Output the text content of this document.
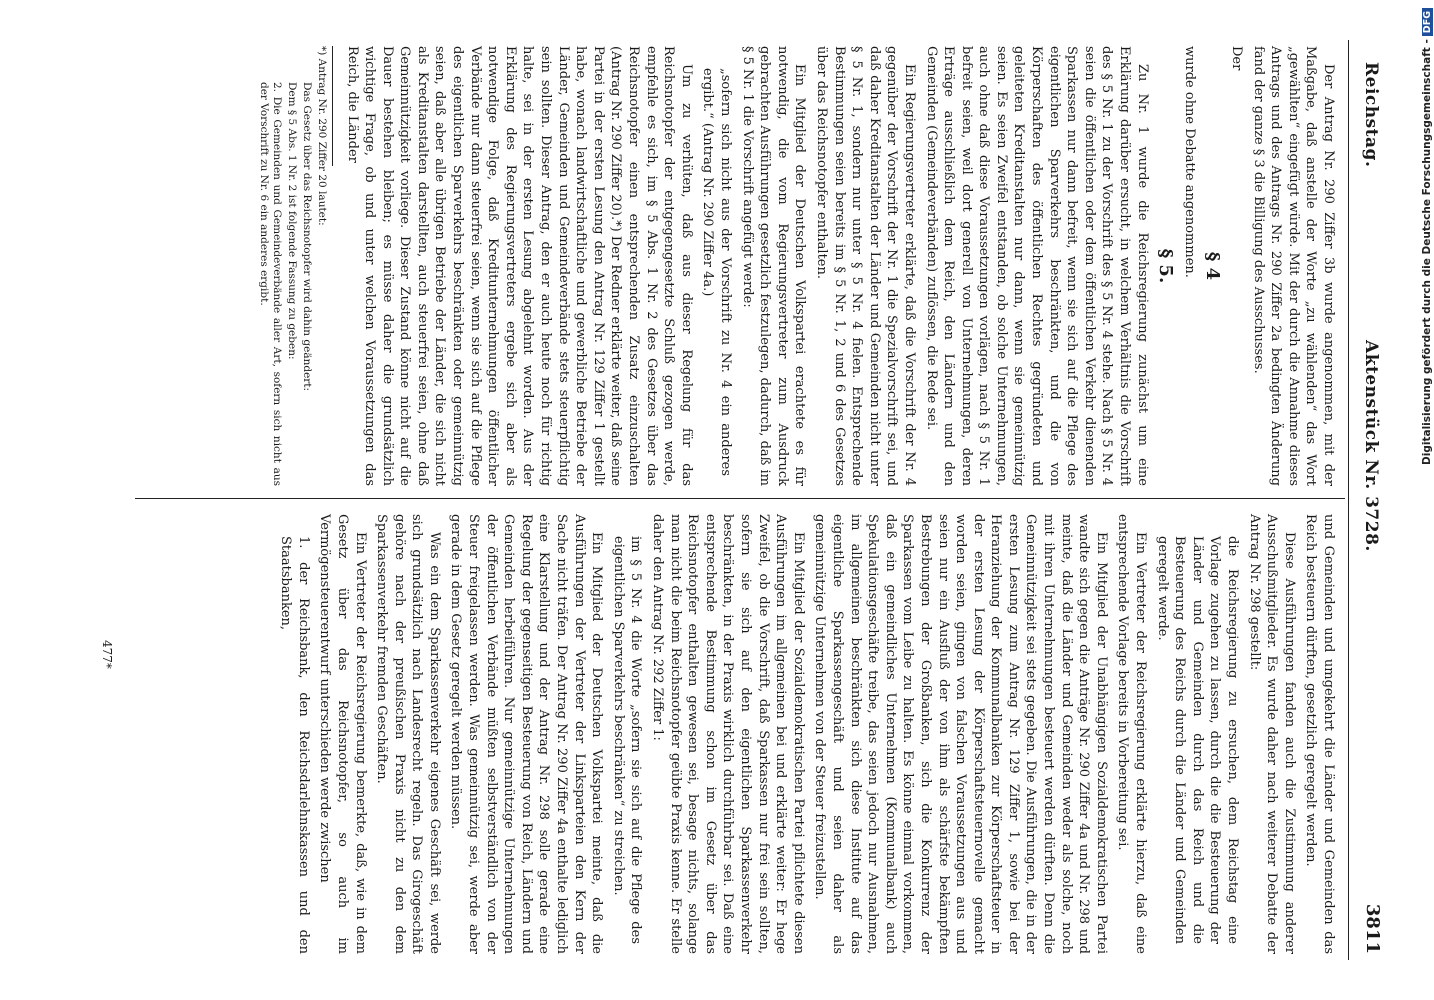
Reichstag.
Aktenstück Nr. 3728.
3811

Der Antrag Nr. 290 Ziffer 3b wurde angenommen, mit der Maßgabe, daß anstelle der Worte „zu wählenden“ das Wort „gewählten“ eingefügt würde. Mit der durch die Annahme dieses Antrags und des Antrags Nr. 290 Ziffer 2a bedingten Änderung fand der ganze § 3 die Billigung des Ausschusses.

Der

§ 4

wurde ohne Debatte angenommen.

§ 5.

Zu Nr. 1 wurde die Reichsregierung zunächst um eine Erklärung darüber ersucht, in welchem Verhältnis die Vorschrift des § 5 Nr. 1 zu der Vorschrift des § 5 Nr. 4 stehe. Nach § 5 Nr. 4 seien die öffentlichen oder dem öffentlichen Verkehr dienenden Sparkassen nur dann befreit, wenn sie sich auf die Pflege des eigentlichen Sparverkehrs beschränkten, und die von Körperschaften des öffentlichen Rechtes gegründeten und geleiteten Kreditanstalten nur dann, wenn sie gemeinnützig seien. Es seien Zweifel entstanden, ob solche Unternehmungen, auch ohne daß diese Voraussetzungen vorlägen, nach § 5 Nr. 1 befreit seien, weil dort generell von Unternehmungen, deren Erträge ausschließlich dem Reich, den Ländern und den Gemeinden (Gemeindeverbänden) zuflössen, die Rede sei.

Ein Regierungsvertreter erklärte, daß die Vorschrift der Nr. 4 gegenüber der Vorschrift der Nr. 1 die Spezialvorschrift sei, und daß daher Kreditanstalten der Länder und Gemeinden nicht unter § 5 Nr. 1, sondern nur unter § 5 Nr. 4 fielen. Entsprechende Bestimmungen seien bereits im § 5 Nr. 1, 2 und 6 des Gesetzes über das Reichsnotopfer enthalten.

Ein Mitglied der Deutschen Volkspartei erachtete es für notwendig, die vom Regierungsvertreter zum Ausdruck gebrachten Ausführungen gesetzlich festzulegen, dadurch, daß im § 5 Nr. 1 die Vorschrift angefügt werde:

„sofern sich nicht aus der Vorschrift zu Nr. 4 ein anderes ergibt.“ (Antrag Nr. 290 Ziffer 4a.)

Um zu verhüten, daß aus dieser Regelung für das Reichsnotopfer der entgegengesetzte Schluß gezogen werde, empfehle es sich, im § 5 Abs. 1 Nr. 2 des Gesetzes über das Reichsnotopfer einen entsprechenden Zusatz einzuschalten (Antrag Nr. 290 Ziffer 20).*) Der Redner erklärte weiter, daß seine Partei in der ersten Lesung den Antrag Nr. 129 Ziffer 1 gestellt habe, wonach landwirtschaftliche und gewerbliche Betriebe der Länder, Gemeinden und Gemeindeverbände stets steuerpflichtig sein sollten. Dieser Antrag, den er auch heute noch für richtig halte, sei in der ersten Lesung abgelehnt worden. Aus der Erklärung des Regierungsvertreters ergebe sich aber als notwendige Folge, daß Kreditunternehmungen öffentlicher Verbände nur dann steuerfrei seien, wenn sie sich auf die Pflege des eigentlichen Sparverkehrs beschränkten oder gemeinnützig seien, daß aber alle übrigen Betriebe der Länder, die sich nicht als Kreditanstalten darstellten, auch steuerfrei seien, ohne daß Gemeinnützigkeit vorliege. Dieser Zustand könne nicht auf die Dauer bestehen bleiben; es müsse daher die grundsätzlich wichtige Frage, ob und unter welchen Voraussetzungen das Reich, die Länder

*) Antrag Nr. 290 Ziffer 20 lautet:

Das Gesetz über das Reichsnotopfer wird dahin geändert:

Dem § 5 Abs. 1 Nr. 2 ist folgende Fassung zu geben:

2. Die Gemeinden und Gemeindeverbände aller Art, sofern sich nicht aus der Vorschrift zu Nr. 6 ein anderes ergibt.

und Gemeinden und umgekehrt die Länder und Gemeinden das Reich besteuern dürften, gesetzlich geregelt werden.

Diese Ausführungen fanden auch die Zustimmung anderer Ausschußmitglieder. Es wurde daher nach weiterer Debatte der Antrag Nr. 298 gestellt:

die Reichsregierung zu ersuchen, dem Reichstag eine Vorlage zugehen zu lassen, durch die die Besteuerung der Länder und Gemeinden durch das Reich und die Besteuerung des Reichs durch die Länder und Gemeinden geregelt werde.

Ein Vertreter der Reichsregierung erklärte hierzu, daß eine entsprechende Vorlage bereits in Vorbereitung sei.

Ein Mitglied der Unabhängigen Sozialdemokratischen Partei wandte sich gegen die Anträge Nr. 290 Ziffer 4a und Nr. 298 und meinte, daß die Länder und Gemeinden weder als solche, noch mit ihren Unternehmungen besteuert werden dürften. Denn die Gemeinnützigkeit sei stets gegeben. Die Ausführungen, die in der ersten Lesung zum Antrag Nr. 129 Ziffer 1, sowie bei der Heranziehung der Kommunalbanken zur Körperschaftsteuer in der ersten Lesung der Körperschaftsteuernovelle gemacht worden seien, gingen von falschen Voraussetzungen aus und seien nur ein Ausfluß der von ihm als schärfste bekämpften Bestrebungen der Großbanken, sich die Konkurrenz der Sparkassen vom Leibe zu halten. Es könne einmal vorkommen, daß ein gemeindliches Unternehmen (Kommunalbank) auch Spekulationsgeschäfte treibe, das seien jedoch nur Ausnahmen, im allgemeinen beschränkten sich diese Institute auf das eigentliche Sparkassengeschäft und seien daher als gemeinnützige Unternehmen von der Steuer freizustellen.

Ein Mitglied der Sozialdemokratischen Partei pflichtete diesen Ausführungen im allgemeinen bei und erklärte weiter: Er hege Zweifel, ob die Vorschrift, daß Sparkassen nur frei sein sollten, sofern sie sich auf den eigentlichen Sparkassenverkehr beschränkten, in der Praxis wirklich durchführbar sei. Daß eine entsprechende Bestimmung schon im Gesetz über das Reichsnotopfer enthalten gewesen sei, besage nichts, solange man nicht die beim Reichsnotopfer geübte Praxis kenne. Er stelle daher den Antrag Nr. 292 Ziffer 1:

im § 5 Nr. 4 die Worte „sofern sie sich auf die Pflege des eigentlichen Sparverkehrs beschränken“ zu streichen.

Ein Mitglied der Deutschen Volkspartei meinte, daß die Ausführungen der Vertreter der Linksparteien den Kern der Sache nicht träfen. Der Antrag Nr. 290 Ziffer 4a enthalte lediglich eine Klarstellung und der Antrag Nr. 298 solle gerade eine Regelung der gegenseitigen Besteuerung von Reich, Ländern und Gemeinden herbeiführen. Nur gemeinnützige Unternehmungen der öffentlichen Verbände müßten selbstverständlich von der Steuer freigelassen werden. Was gemeinnützig sei, werde aber gerade in dem Gesetz geregelt werden müssen.

Was ein dem Sparkassenverkehr eigenes Geschäft sei, werde sich grundsätzlich nach Landesrecht regeln. Das Girogeschäft gehöre nach der preußischen Praxis nicht zu den dem Sparkassenverkehr fremden Geschäften.

Ein Vertreter der Reichsregierung bemerkte, daß, wie in dem Gesetz über das Reichsnotopfer, so auch im Vermögensteuerentwurf unterschieden werde zwischen

1. der Reichsbank, den Reichsdarlehnskassen und den Staatsbanken,

477*
Digitalisierung gefördert durch die Deutsche Forschungsgemeinschaft -DFG
